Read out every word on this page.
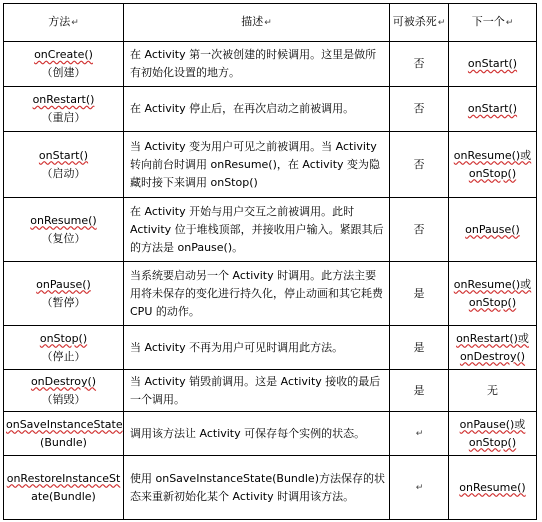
方法↵	描述↵	可被杀死↵	下一个↵

onCreate()
（创建）	在 Activity 第一次被创建的时候调用。这里是做所有初始化设置的地方。	否	onStart()

onRestart()
（重启）	在 Activity 停止后，在再次启动之前被调用。	否	onStart()

onStart()
（启动）	当 Activity 变为用户可见之前被调用。当 Activity 转向前台时调用 onResume()，在 Activity 变为隐藏时接下来调用 onStop()	否	onResume()或 onStop()

onResume()
（复位）	在 Activity 开始与用户交互之前被调用。此时 Activity 位于堆栈顶部，并接收用户输入。紧跟其后的方法是 onPause()。	否	onPause()

onPause()
（暂停）	当系统要启动另一个 Activity 时调用。此方法主要用将未保存的变化进行持久化，停止动画和其它耗费 CPU 的动作。	是	onResume()或 onStop()

onStop()
（停止）	当 Activity 不再为用户可见时调用此方法。	是	onRestart()或 onDestroy()

onDestroy()
（销毁）	当 Activity 销毁前调用。这是 Activity 接收的最后一个调用。	是	无

onSaveInstanceState
(Bundle)	调用该方法让 Activity 可保存每个实例的状态。	↵	onPause()或 onStop()

onRestoreInstanceSt
ate(Bundle)	使用 onSaveInstanceState(Bundle)方法保存的状态来重新初始化某个 Activity 时调用该方法。	↵	onResume()
